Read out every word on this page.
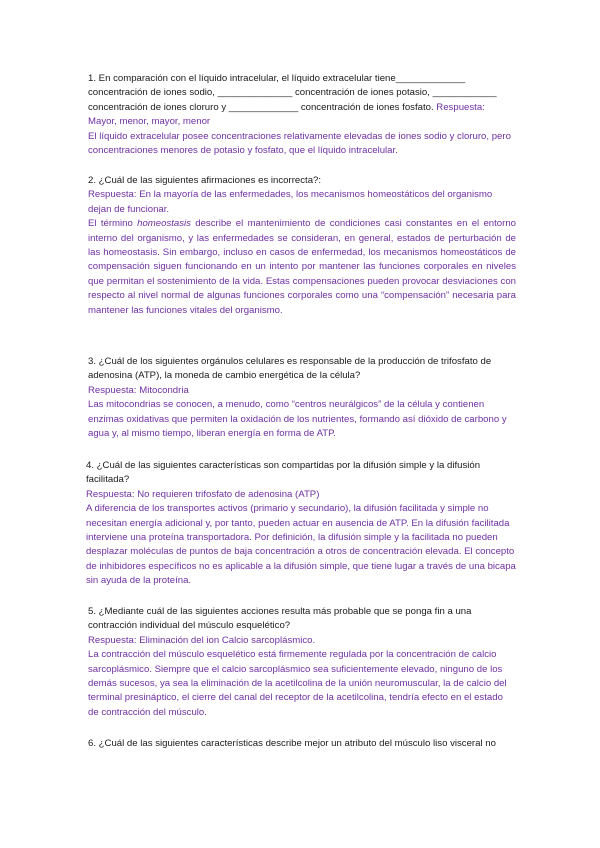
1. En comparación con el líquido intracelular, el líquido extracelular tiene_____________ concentración de iones sodio, ______________ concentración de iones potasio, ____________ concentración de iones cloruro y _____________ concentración de iones fosfato. Respuesta: Mayor, menor, mayor, menor

El líquido extracelular posee concentraciones relativamente elevadas de iones sodio y cloruro, pero concentraciones menores de potasio y fosfato, que el líquido intracelular.

2. ¿Cuál de las siguientes afirmaciones es incorrecta?:

Respuesta: En la mayoría de las enfermedades, los mecanismos homeostáticos del organismo dejan de funcionar.

El término homeostasis describe el mantenimiento de condiciones casi constantes en el entorno interno del organismo, y las enfermedades se consideran, en general, estados de perturbación de las homeostasis. Sin embargo, incluso en casos de enfermedad, los mecanismos homeostáticos de compensación siguen funcionando en un intento por mantener las funciones corporales en niveles que permitan el sostenimiento de la vida. Estas compensaciones pueden provocar desviaciones con respecto al nivel normal de algunas funciones corporales como una “compensación” necesaria para mantener las funciones vitales del organismo.

3. ¿Cuál de los siguientes orgánulos celulares es responsable de la producción de trifosfato de adenosina (ATP), la moneda de cambio energética de la célula?

Respuesta: Mitocondria

Las mitocondrias se conocen, a menudo, como “centros neurálgicos” de la célula y contienen enzimas oxidativas que permiten la oxidación de los nutrientes, formando así dióxido de carbono y agua y, al mismo tiempo, liberan energía en forma de ATP.

4. ¿Cuál de las siguientes características son compartidas por la difusión simple y la difusión facilitada?

Respuesta: No requieren trifosfato de adenosina (ATP)

A diferencia de los transportes activos (primario y secundario), la difusión facilitada y simple no necesitan energía adicional y, por tanto, pueden actuar en ausencia de ATP. En la difusión facilitada interviene una proteína transportadora. Por definición, la difusión simple y la facilitada no pueden desplazar moléculas de puntos de baja concentración a otros de concentración elevada. El concepto de inhibidores específicos no es aplicable a la difusión simple, que tiene lugar a través de una bicapa sin ayuda de la proteína.

5. ¿Mediante cuál de las siguientes acciones resulta más probable que se ponga fin a una contracción individual del músculo esquelético?

Respuesta: Eliminación del ion Calcio sarcoplásmico.

La contracción del músculo esquelético está firmemente regulada por la concentración de calcio sarcoplásmico. Siempre que el calcio sarcoplásmico sea suficientemente elevado, ninguno de los demás sucesos, ya sea la eliminación de la acetilcolina de la unión neuromuscular, la de calcio del terminal presináptico, el cierre del canal del receptor de la acetilcolina, tendría efecto en el estado de contracción del músculo.

6. ¿Cuál de las siguientes características describe mejor un atributo del músculo liso visceral no
